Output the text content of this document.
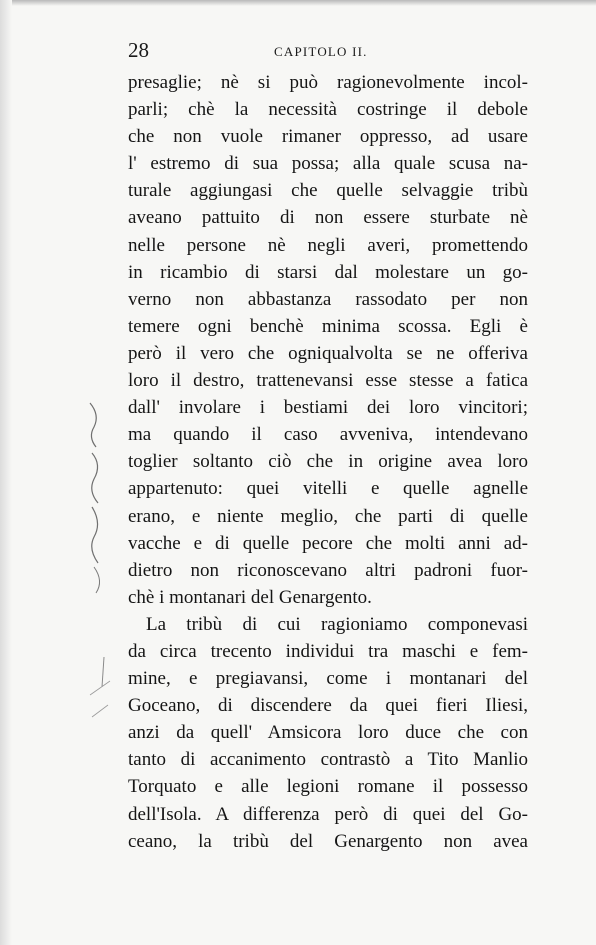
28	CAPITOLO II.
presaglie; nè si può ragionevolmente incol-
parli; chè la necessità costringe il debole
che non vuole rimaner oppresso, ad usare
l' estremo di sua possa; alla quale scusa na-
turale aggiungasi che quelle selvaggie tribù
aveano pattuito di non essere sturbate nè
nelle persone nè negli averi, promettendo
in ricambio di starsi dal molestare un go-
verno non abbastanza rassodato per non
temere ogni benchè minima scossa. Egli è
però il vero che ogniqualvolta se ne offeriva
loro il destro, trattenevansi esse stesse a fatica
dall' involare i bestiami dei loro vincitori;
ma quando il caso avveniva, intendevano
toglier soltanto ciò che in origine avea loro
appartenuto: quei vitelli e quelle agnelle
erano, e niente meglio, che parti di quelle
vacche e di quelle pecore che molti anni ad-
dietro non riconoscevano altri padroni fuor-
chè i montanari del Genargento.
La tribù di cui ragioniamo componevasi
da circa trecento individui tra maschi e fem-
mine, e pregiavansi, come i montanari del
Goceano, di discendere da quei fieri Iliesi,
anzi da quell' Amsicora loro duce che con
tanto di accanimento contrastò a Tito Manlio
Torquato e alle legioni romane il possesso
dell'Isola. A differenza però di quei del Go-
ceano, la tribù del Genargento non avea
